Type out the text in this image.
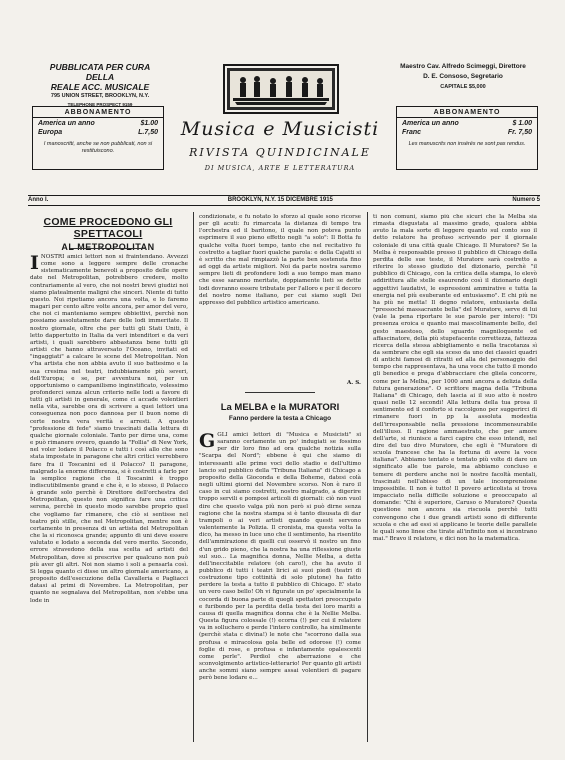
PUBBLICATA PER CURA
DELLA
REALE ACC. MUSICALE
795 UNION STREET, BROOKLYN, N.Y.
TELEPHONE PROSPECT 9159
Maestro Cav. Alfredo Scimeggi, Direttore
D. E. Consoso, Segretario
CAPITALE $5,000
ABBONAMENTO
America un anno	$1.00
Europa	L.7,50
I manoscritti, anche se non pubblicati, non si restituiscono.
Musica e Musicisti
RIVISTA QUINDICINALE
DI MUSICA, ARTE E LETTERATURA
ABBONAMENTO
America un anno	$ 1.00
Franc	Fr. 7,50
Les manuscrits non insérés ne sont pas rendus.
Anno I.	BROOKLYN, N.Y. 15 DICEMBRE 1915	Numero 5
COME PROCEDONO GLI SPETTACOLI
AL METROPOLITAN
INOSTRI amici lettori non si fraintendano. Avvezzi come sono a leggere sempre delle cronache sistematicamente benevoli a proposito delle opere date nel Metropolitan, potrebbero credere, molto contrariamente al vero, che noi nostri brevi giudizi noi siamo platealmente maligni che sinceri. Niente di tutto questo. Noi ripetiamo ancora una volta, e lo faremo magari per cento altre volte ancora, per amor del vero, che noi ci manteniamo sempre obbiettivi, perchè non possiamo assolutamente dare delle lodi immeritate. Il nostro giornale, oltre che per tutti gli Stati Uniti, è letto dappertutto in Italia da veri intenditori e da veri artisti, i quali sarebbero abbastanza bene tutti gli artisti che hanno attraversato l'Oceano, invitati ed "ingaggiati" a calcare le scene del Metropolitan. Non v'ha artista che non abbia avuto il suo battesimo e la sua cresima nel teatri, indubbiamente più severi, dell'Europa; e se, per avventura noi, per un opportunismo o campanilismo inginstificato, volessimo profonderci senza alcun criterio nelle lodi a favore di tutti gli artisti in generale, come ci accade volentieri nella vita, sarebbe ora di scrivere a quei lettori una conseguenza non poco dannosa per il buon nome di certe nostra vera verità e arresti. A questo "professione di fede" siamo trascinati dalla lettura di qualche giornale coloniale. Tanto per dirne una, come e può rimanere ovvero, quando la "Follia" di New York, nel voler lodare il Polacco e tutti i così allo che sono stata impostate in paragone che altri critici verrebbero fare fra il Toscanini ed il Polacco? Il paragone, malgrado la enorme differenza, si è costretti a farlo per la semplice ragione che il Toscanini è troppo indiscutibilmente grand e che è, e lo stesso, il Polacco à grande solo perchè è Direttore dell'orchestra del Metropolitan, questo non significa fare una critica serena, perchè in questo modo sarebbe proprio quel che vogliamo far rimanere, che ciò si sentisse nel teatro più stille, che nel Metropolitan, mentre non è certamente in presenza di un artista del Metropolitan che la si riconosca grande; appunto di uni deve essere valutato e lodato a seconda del vero merito. Secondo, errore stravedono della sua scelta ad artisti del Metropolitan, dove si prescrive per qualcuno non può più aver gli altri. Noi non siamo i soli a pensarla così. Si legga quanto ci disse un altro giornale americano, a proposito dell'esecuzione della Cavalleria e Pagliacci datasi al primi di Novembre. La Metropolitan, per quanto ne segnalava del Metropolitan, non s'ebbe una lode in
condizionate, e fu notato lo sforzo al quale sono ricorse per gli acuti: fu rimarcata la distanza di tempo tra l'orchestra ed il baritono, il quale non poteva punto esprimere il suo pieno effetto negli "a solo": Il Botta fu qualche volta fuori tempo, tanto che nel recitativo fu costretto a tagliar fuori qualche parola: e della Cajatti si è scritto che mal rimpiazzò la parte ben sostenuta fino ad oggi da artiste migliori. Noi da parte nostra saremo sempre lieti di profondere lodi a suo tempo man mano che esse saranno meritate, doppiamente lieti se dette lodi dovranno essere tributate per l'alloro e per il decoro del nostro nome italiano, per cui siamo sugli Dei appresso del pubblico artistico americano.
A. S.
La MELBA e la MURATORI
Fanno perdere la testa a Chicago
GGLI amici lettori di "Musica e Musicisti" si saranno certamente un po' indugiati se fossimo per dir loro fino ad ora qualche notizia sulla "Scarpa del Nord"; ebbene è qui che siamo di interessanti alle prime voci dello stadio e dell'ultimo lancio sul pubblico della "Tribuna Italiana" di Chicago a proposito della Gioconda e della Boheme, datesi colà negli ultimi giorni del Novembre scorso. Non è raro il caso in cui siamo costretti, nostro malgrado, a digerire troppo servili e pomposi articoli di giornali: ciò non vuol dire che questo valga più non però si può dirne senza ragione che la nostra stampa si è tanto disusata di dar trampoli o ai veri artisti quando questi servono valentemente la Polizia. Il cronista, ma questa volta la dico, ha messo in luce uno che il sentimento, ha risentito dell'ammirazione di quelli cui osservò il nostro un fino d'un grido pieno, che la nostra ha una riflessione giuste sul suo... La magnifica donna, Nellie Melba, a detta dell'ineccitabile relatore (oh caro!), che ha avuto il pubblico di tutti i teatri lirici ai suoi piedi (teatri di costruzione tipo cottinità di solo plutone) ha fatto perdere la testa a tutto il pubblico di Chicago. E' stato un vero caso bello! Oh vi figurate un po' specialmente la cocorda di buona parte di quegli spettatori preoccupato e furibondo per la perdita della testa dei loro mariti a causa di quella magnifica donna che è la Nellie Melba. Questa figura colossale (!) ecorna (!) per cui il relatore va in solluchero e perde l'intero controllo, ha similmente (perchè stata c divina!) le note che "scorrono dalla sua profusa e miracolosa gola belle ed odorose (!) come foglie di rose, e profusa e infantamente opalescenti come perle". Perdiol che aberrazione e che sconvolgimento artistico-letterario! Per quanto gli artisti anche sommi siano sempre assai volentieri di pagare però bene lodare e...
ti non comuni, siamo più che sicuri che la Melba sia rimasta disgustata al massimo grado, qualora abbia avuto la mala sorte di leggere quanto sul conto suo il detto relatore ha profuso scrivendo per il giornale coloniale di una città quale Chicago. Il Muratore? Se la Melba è responsabile presso il pubblico di Chicago della perdita delle sue teste, il Muratore sarà costretto a riferire lo stesso giudizio del dizionario, perchè "il pubblico di Chicago, con la critica della stampa, lo elevò addirittura alle stelle esaurendo così il dizionario degli aggettivi laudativi, le espressioni ammirative e tutta la energia nel più esuberante ed entusiasmo". E chi più ne ha più ne metta! Il degno relatore, entusiasta della "pressoché massacrante bella" del Muratore, serve di lui (vale la pena riportare le sue parole per intero): "Di presenza eroica e quanto mai mascolinamente bello, del gesto maestoso, dello sguardo magniloquente ed affascinatore, della più stupefacente correttezza, fattezza ricerca della stessa abbigliamento e nella tracotanza sì da sembrare che egli sia sceso da uno dei classici quadri di antichi famosi di ritratti ed alla del personaggio del tempo che rappresentava, ha una voce che tutto il mondo gli benedice e prega d'abbracciare che gliela concorre, come per la Melba, per 1000 anni ancora a delizia della futura generazione". O scrittore magna della "Tribuna Italiana" di Chicago, deh lascia ai il suo atto è nostro quasi nelle 12 secondi! Alla lettura della tua prosa il sentimento ed il conforto si raccolgono per suggerirci di rimanere fuori in pp la assoluta modestia dell'irresponsabile nella pressione incommensurabile dell'illuso. Il ragione ammaestrato, che per amore dell'arte, si riunisce a farci capire che esso intendi, nel dire del tuo divo Muratore, che egli è "Muratore di scuola francese che ha la fortuna di avere la voce italiana". Abbiamo tentato e tentato più volte di dare un significato alle tue parole, ma abbiamo concluso e temere di perdere anche noi le nostre facoltà mentali, trascinati nell'abisso di un tale incomprensione impossibile. Il non è tutto! Il povero articolista si trova impacciato nella difficile soluzione e preoccupato al domande: "Chi è superiore, Caruso o Muratore? Questa questione non ancora sia riscuola perchè tutti convengono che i due grandi artisti sono di differente scuola e che ad essi si applicano le teorie delle parallele le quali sono linee che tirate all'infinito non si incontrano mai." Bravo il relatore, e dici non ho la matematica.
